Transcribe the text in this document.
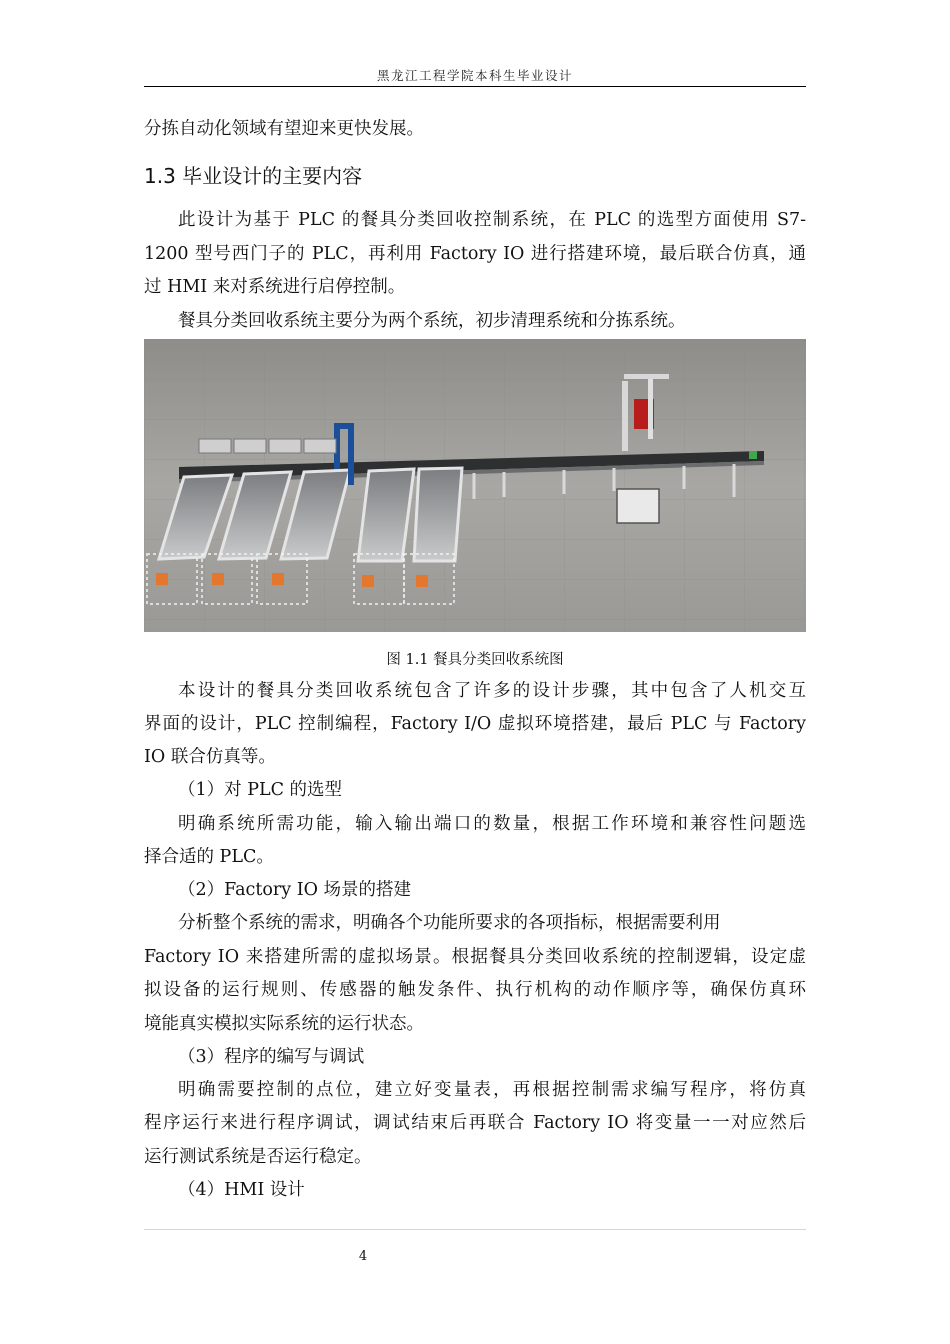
黑龙江工程学院本科生毕业设计
分拣自动化领域有望迎来更快发展。
1.3 毕业设计的主要内容
此设计为基于 PLC 的餐具分类回收控制系统，在 PLC 的选型方面使用 S7-
1200 型号西门子的 PLC，再利用 Factory IO 进行搭建环境，最后联合仿真，通
过 HMI 来对系统进行启停控制。
餐具分类回收系统主要分为两个系统，初步清理系统和分拣系统。
图 1.1 餐具分类回收系统图
本设计的餐具分类回收系统包含了许多的设计步骤，其中包含了人机交互
界面的设计，PLC 控制编程，Factory I/O 虚拟环境搭建，最后 PLC 与 Factory
IO 联合仿真等。
（1）对 PLC 的选型
明确系统所需功能，输入输出端口的数量，根据工作环境和兼容性问题选
择合适的 PLC。
（2）Factory IO 场景的搭建
分析整个系统的需求，明确各个功能所要求的各项指标，根据需要利用
Factory IO 来搭建所需的虚拟场景。根据餐具分类回收系统的控制逻辑，设定虚
拟设备的运行规则、传感器的触发条件、执行机构的动作顺序等，确保仿真环
境能真实模拟实际系统的运行状态。
（3）程序的编写与调试
明确需要控制的点位，建立好变量表，再根据控制需求编写程序，将仿真
程序运行来进行程序调试，调试结束后再联合 Factory IO 将变量一一对应然后
运行测试系统是否运行稳定。
（4）HMI 设计
4
